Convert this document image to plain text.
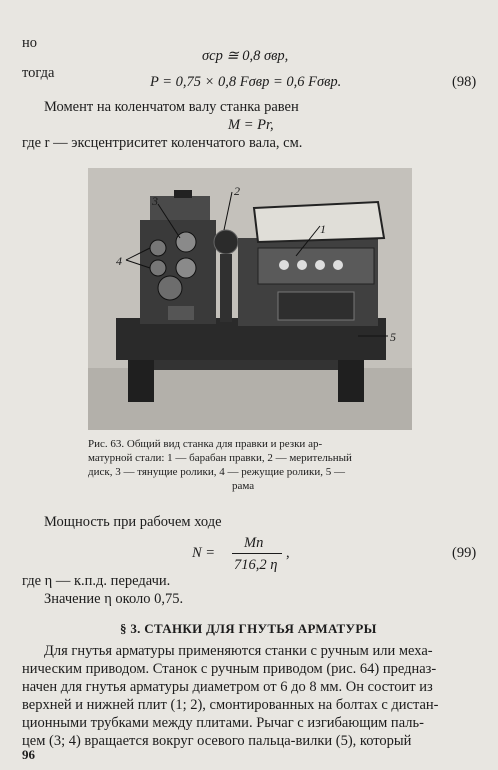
но
σср ≅ 0,8 σвр,
тогда
P = 0,75 × 0,8 Fσвр = 0,6 Fσвр.	(98)
Момент на коленчатом валу станка равен
M = Pr,
где r — эксцентриситет коленчатого вала, см.
2
3
1
4
5
Рис. 63. Общий вид станка для правки и резки ар-
матурной стали: 1 — барабан правки, 2 — мерительный
диск, 3 — тянущие ролики, 4 — режущие ролики, 5 —
рама
Мощность при рабочем ходе
N =
Mn
716,2 η
,	(99)
где η — к.п.д. передачи.
Значение η около 0,75.
§ 3. СТАНКИ ДЛЯ ГНУТЬЯ АРМАТУРЫ
Для гнутья арматуры применяются станки с ручным или меха-
ническим приводом. Станок с ручным приводом (рис. 64) предназ-
начен для гнутья арматуры диаметром от 6 до 8 мм. Он состоит из
верхней и нижней плит (1; 2), смонтированных на болтах с дистан-
ционными трубками между плитами. Рычаг с изгибающим паль-
цем (3; 4) вращается вокруг осевого пальца-вилки (5), который
96
